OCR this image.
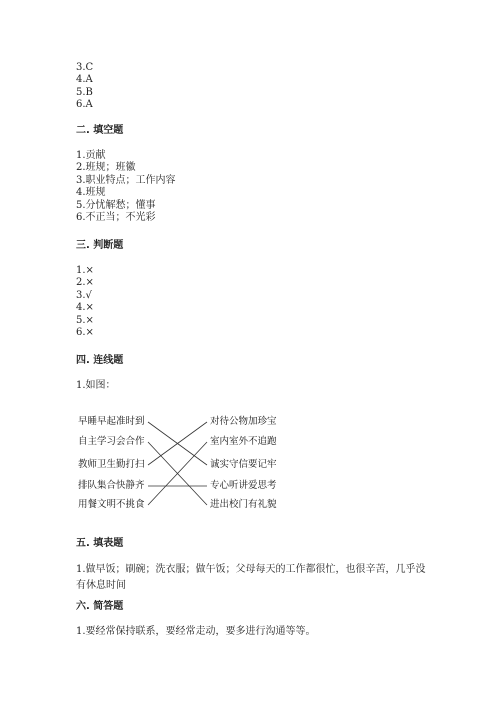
3.C
4.A
5.B
6.A
二. 填空题
1.贡献
2.班规；班徽
3.职业特点；工作内容
4.班规
5.分忧解愁；懂事
6.不正当；不光彩
三. 判断题
1.×
2.×
3.√
4.×
5.×
6.×
四. 连线题
1.如图：
早睡早起准时到
自主学习会合作
教师卫生勤打扫
排队集合快静齐
用餐文明不挑食
对待公物加珍宝
室内室外不追跑
诚实守信要记牢
专心听讲爱思考
进出校门有礼貌
五. 填表题
1.做早饭；刷碗；洗衣服；做午饭；父母每天的工作都很忙，也很辛苦，几乎没有休息时间
六. 简答题
1.要经常保持联系，要经常走动，要多进行沟通等等。
